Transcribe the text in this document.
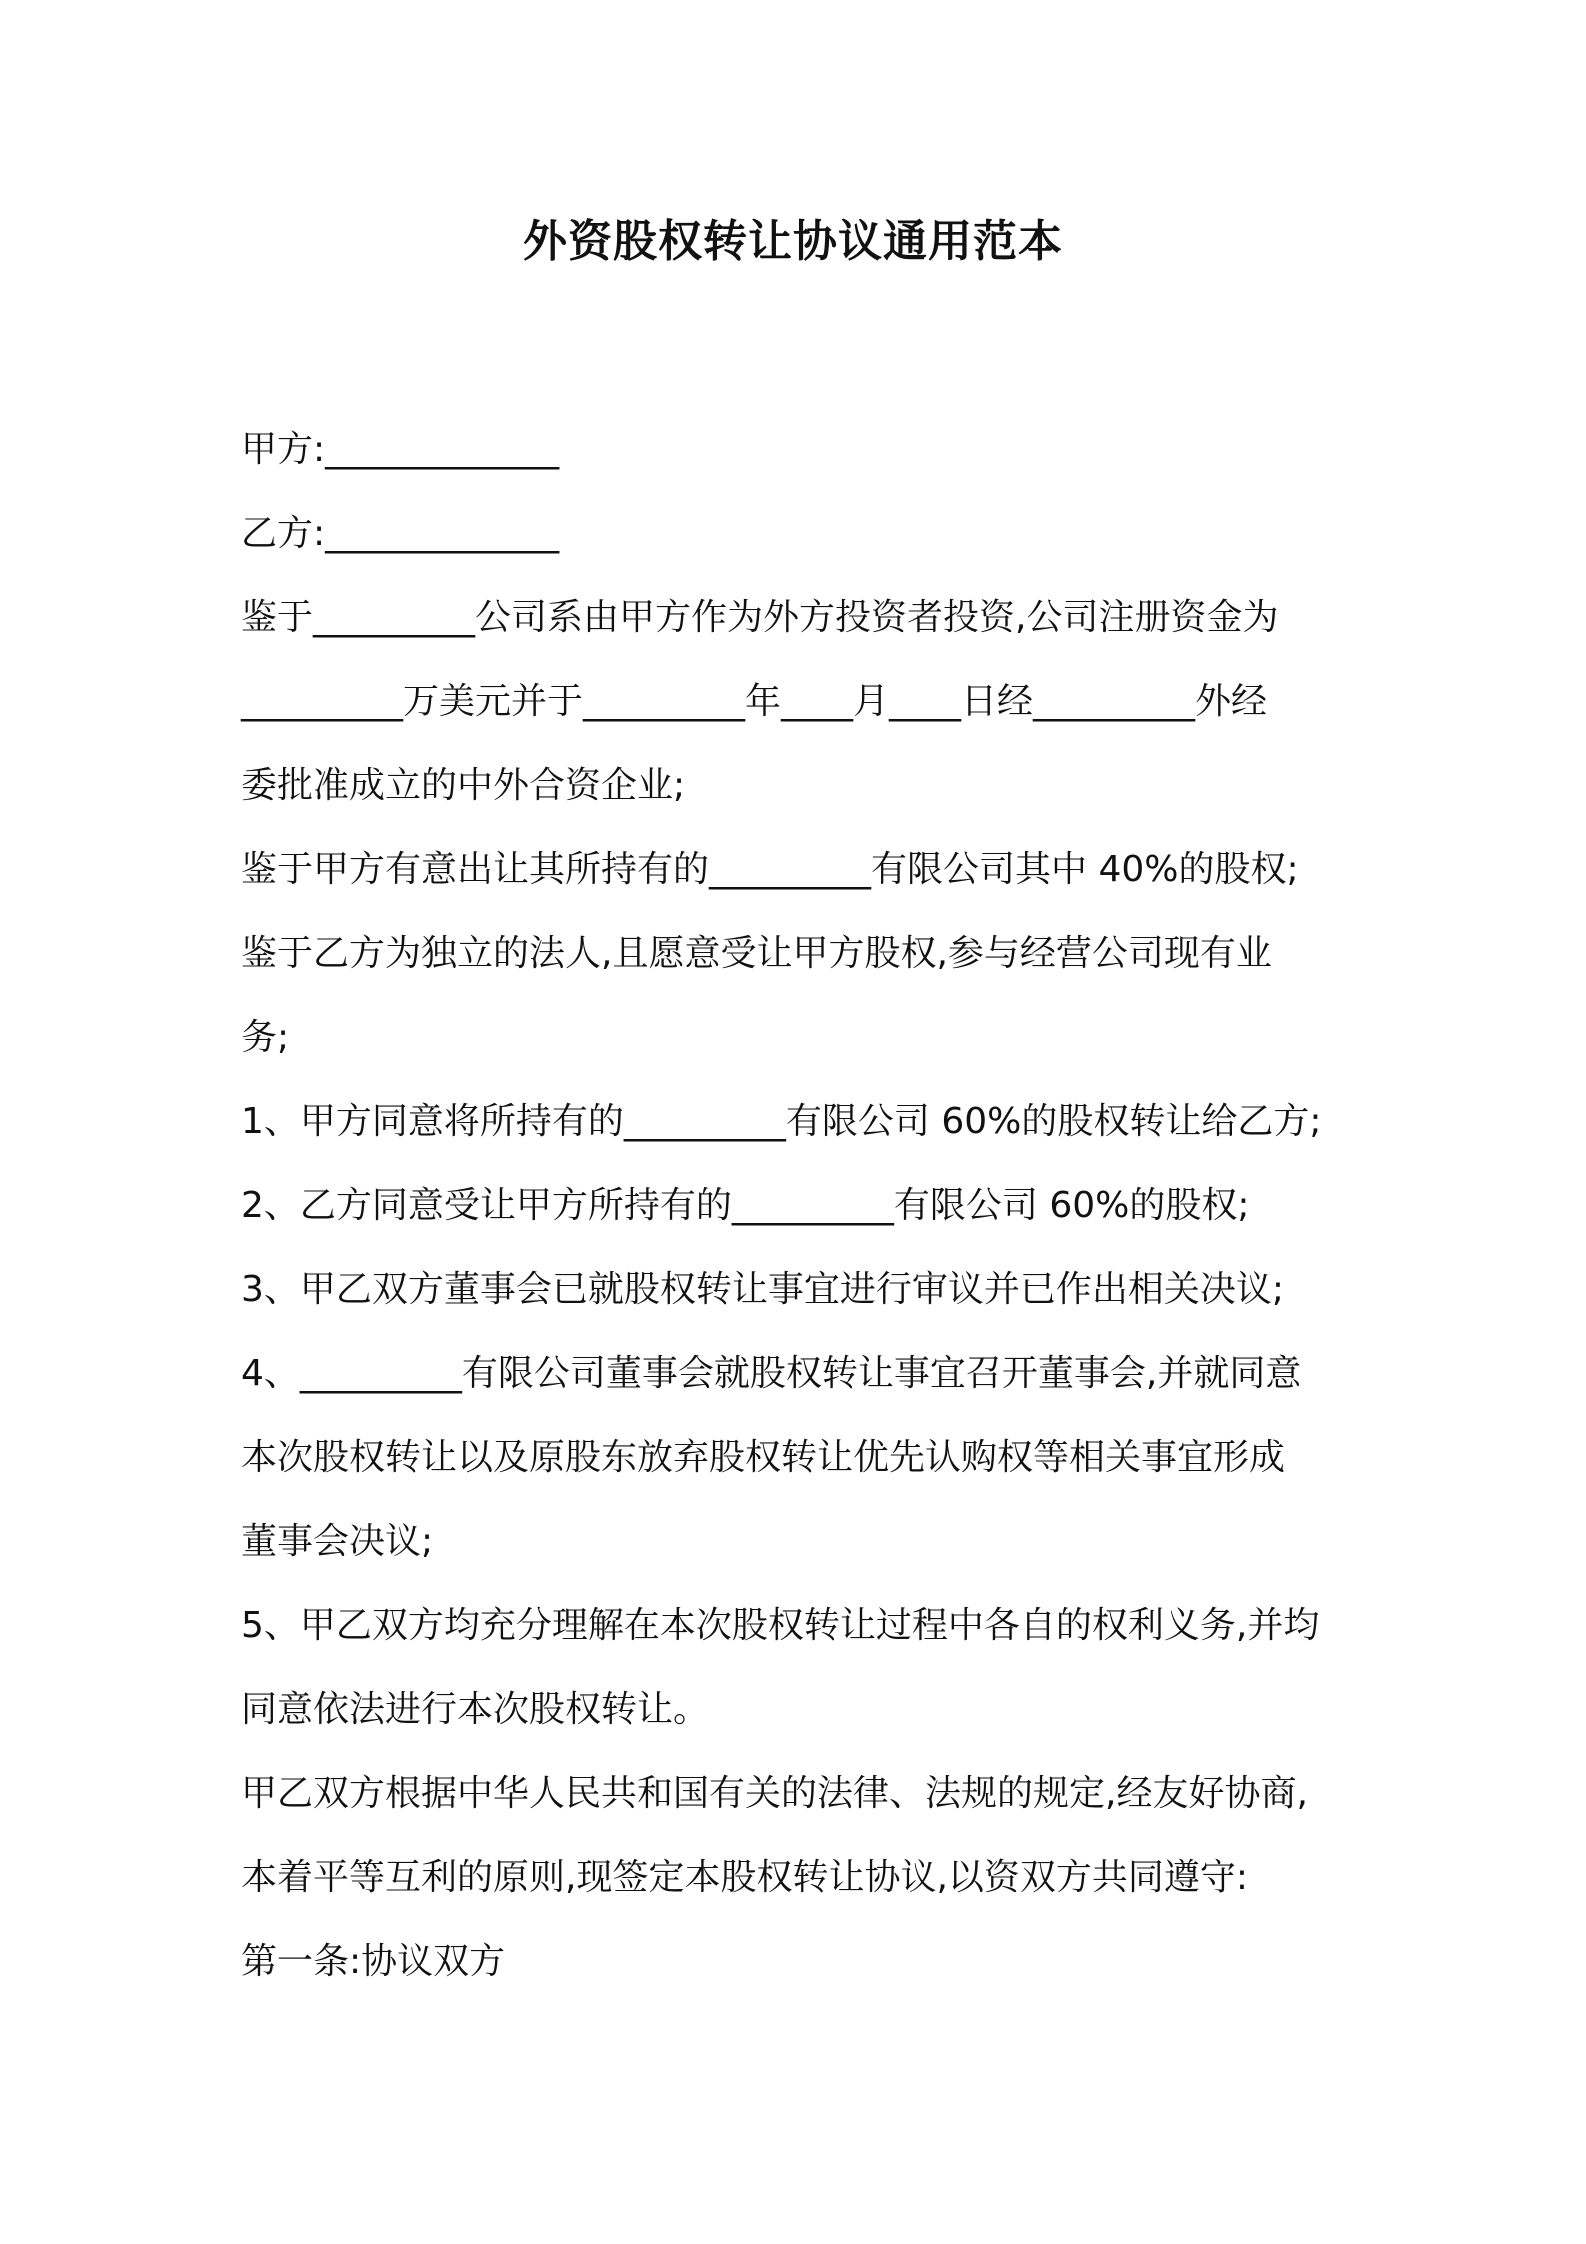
外资股权转让协议通用范本
甲方:_____________
乙方:_____________
鉴于_________公司系由甲方作为外方投资者投资,公司注册资金为
_________万美元并于_________年____月____日经_________外经
委批准成立的中外合资企业;
鉴于甲方有意出让其所持有的_________有限公司其中 40%的股权;
鉴于乙方为独立的法人,且愿意受让甲方股权,参与经营公司现有业
务;
1、甲方同意将所持有的_________有限公司 60%的股权转让给乙方;
2、乙方同意受让甲方所持有的_________有限公司 60%的股权;
3、甲乙双方董事会已就股权转让事宜进行审议并已作出相关决议;
4、_________有限公司董事会就股权转让事宜召开董事会,并就同意
本次股权转让以及原股东放弃股权转让优先认购权等相关事宜形成
董事会决议;
5、甲乙双方均充分理解在本次股权转让过程中各自的权利义务,并均
同意依法进行本次股权转让。
甲乙双方根据中华人民共和国有关的法律、法规的规定,经友好协商,
本着平等互利的原则,现签定本股权转让协议,以资双方共同遵守:
第一条:协议双方
